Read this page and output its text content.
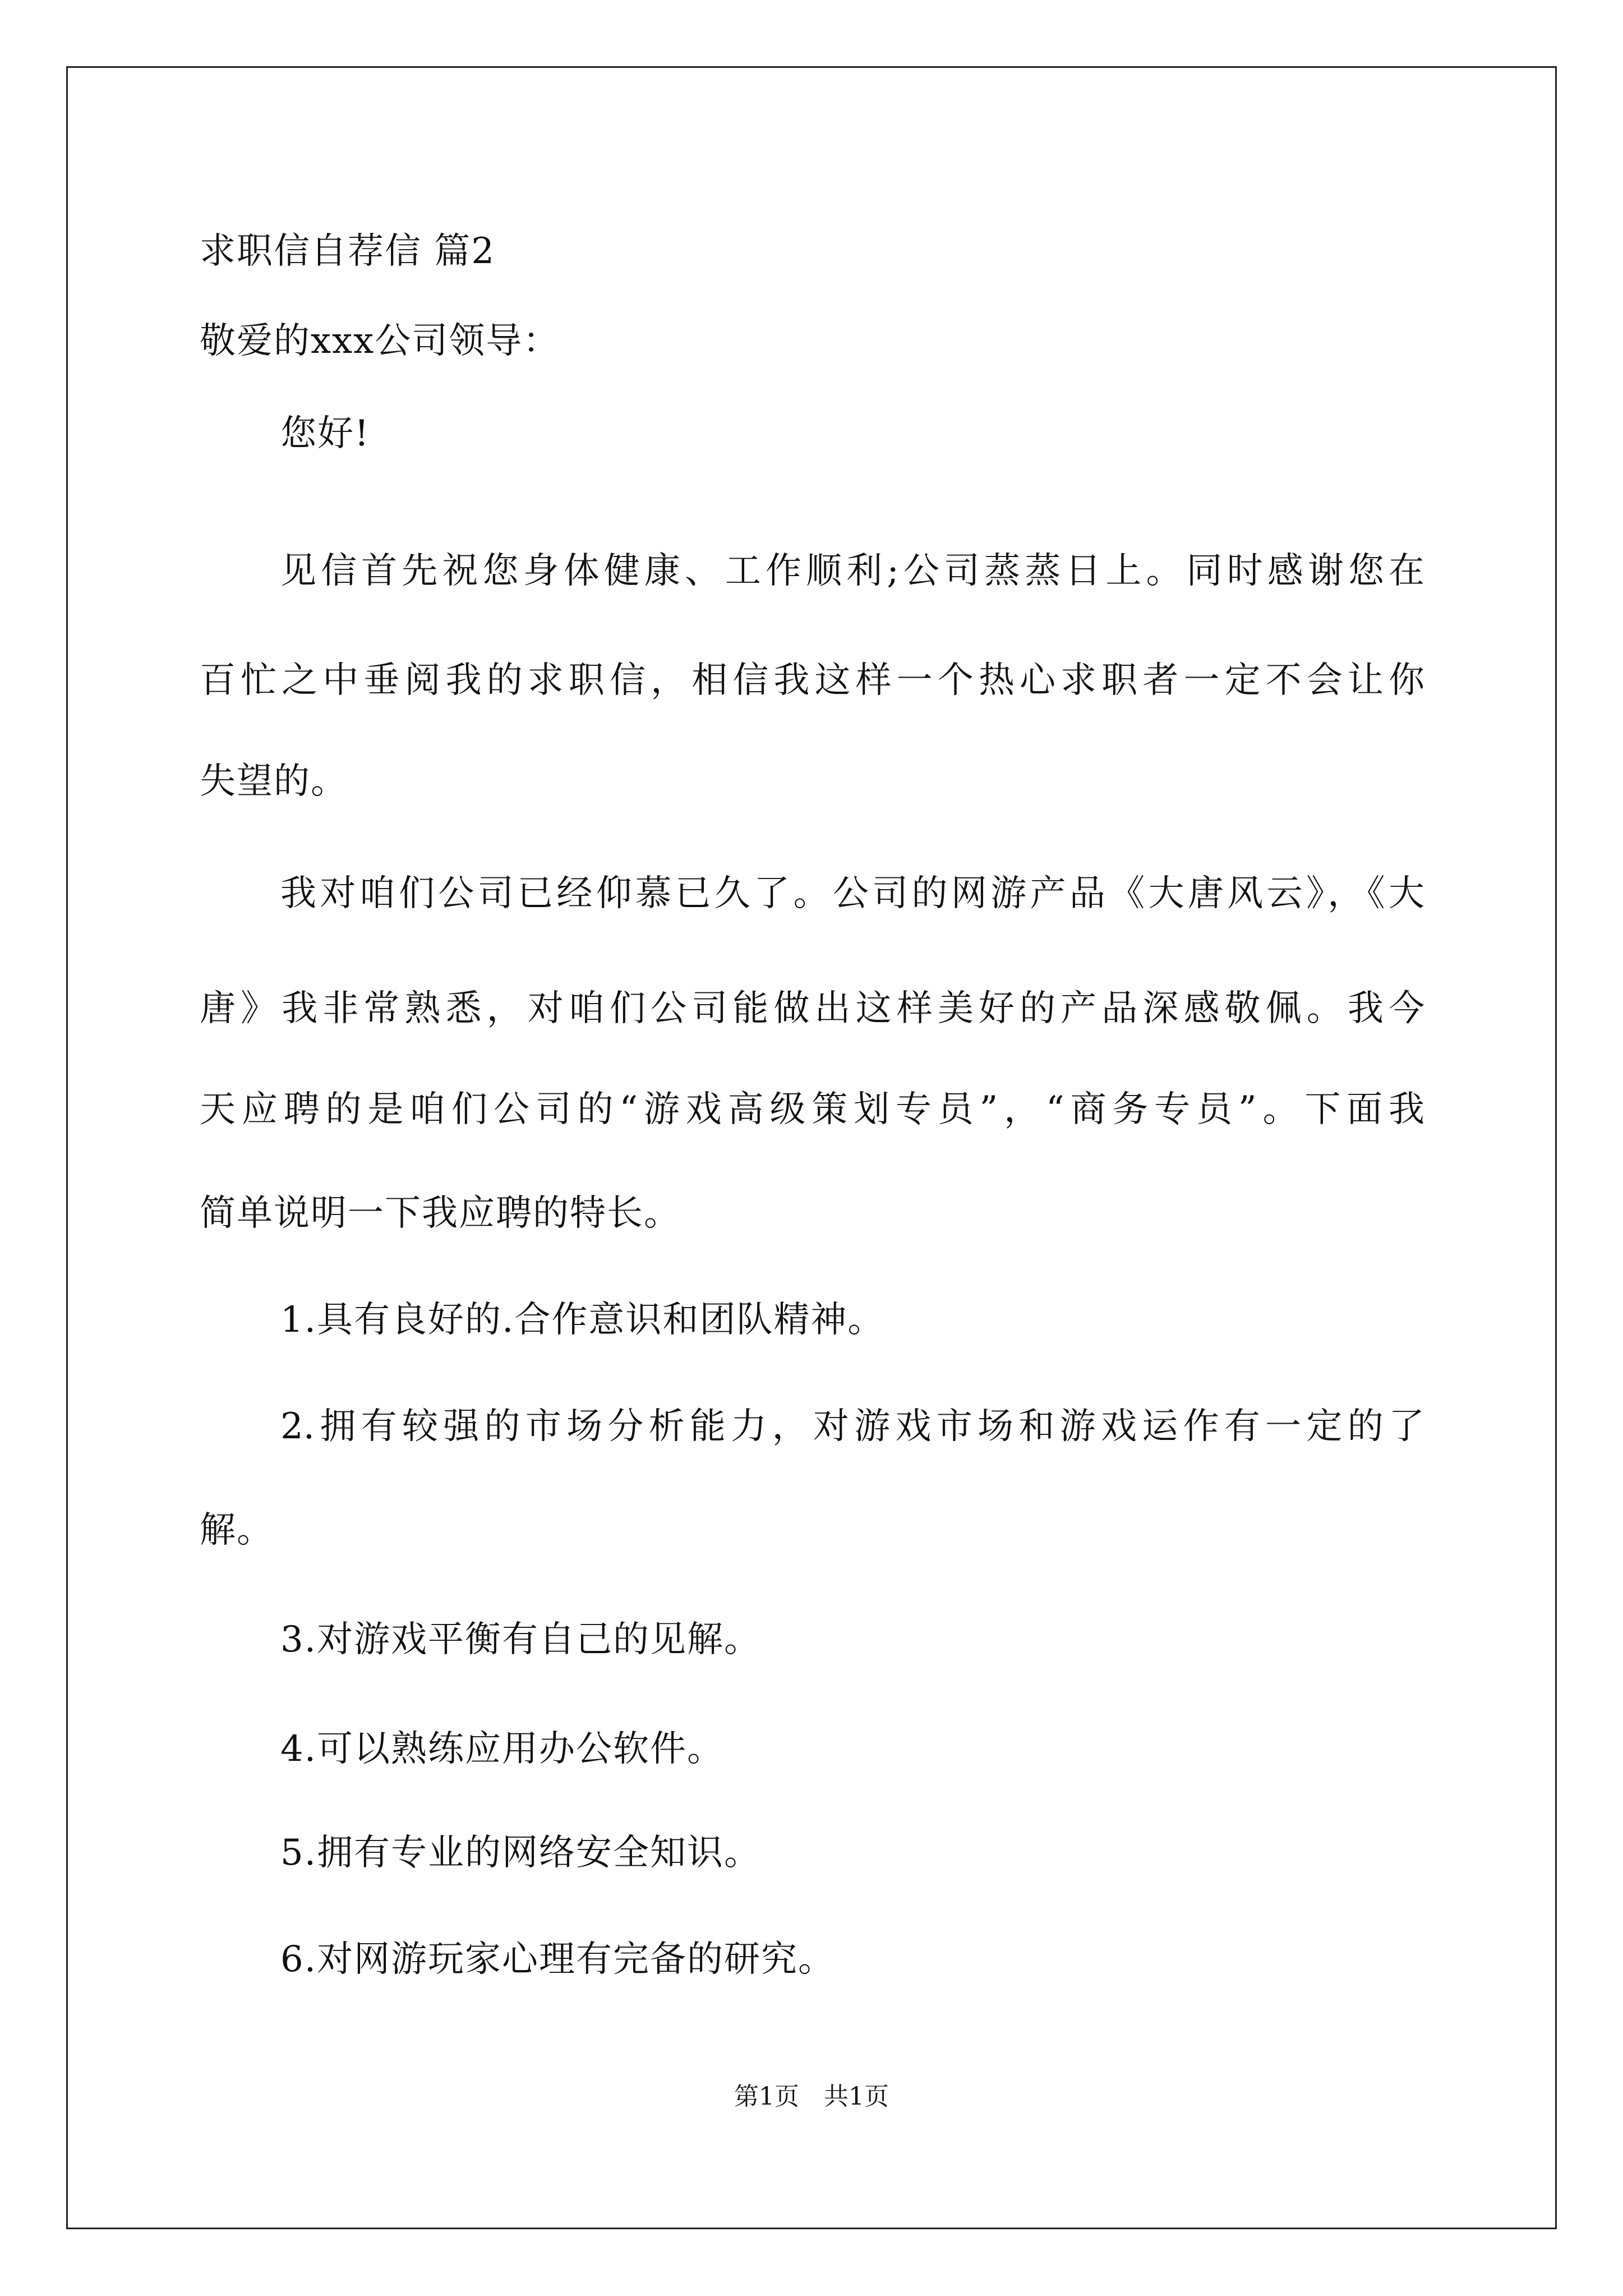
求职信自荐信 篇2
敬爱的xxx公司领导：
您好!
见信首先祝您身体健康、工作顺利;公司蒸蒸日上。同时感谢您在
百忙之中垂阅我的求职信，相信我这样一个热心求职者一定不会让你
失望的。
我对咱们公司已经仰慕已久了。公司的网游产品《大唐风云》，《大
唐》我非常熟悉，对咱们公司能做出这样美好的产品深感敬佩。我今
天应聘的是咱们公司的“游戏高级策划专员”，“商务专员”。下面我
简单说明一下我应聘的特长。
1.具有良好的.合作意识和团队精神。
2.拥有较强的市场分析能力，对游戏市场和游戏运作有一定的了
解。
3.对游戏平衡有自己的见解。
4.可以熟练应用办公软件。
5.拥有专业的网络安全知识。
6.对网游玩家心理有完备的研究。
第1页　共1页
